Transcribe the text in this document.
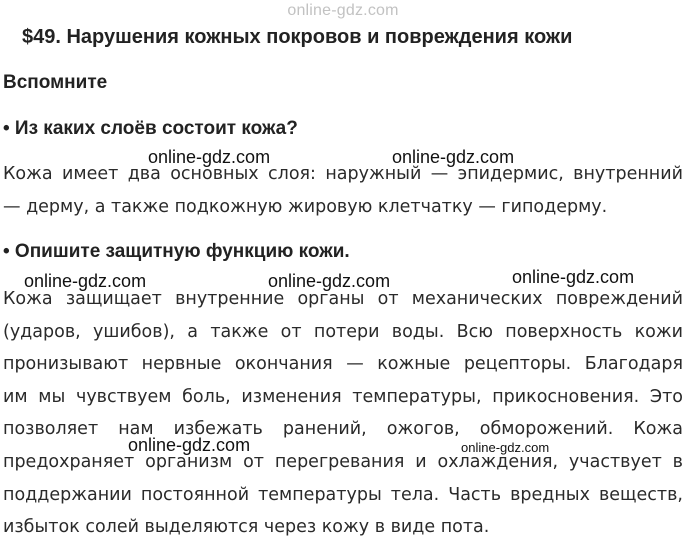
online-gdz.com
$49. Нарушения кожных покровов и повреждения кожи
Вспомните
• Из каких слоёв состоит кожа?
Кожа имеет два основных слоя: наружный — эпидермис, внутренний
— дерму, а также подкожную жировую клетчатку — гиподерму.
• Опишите защитную функцию кожи.
Кожа защищает внутренние органы от механических повреждений
(ударов, ушибов), а также от потери воды. Всю поверхность кожи
пронизывают нервные окончания — кожные рецепторы. Благодаря
им мы чувствуем боль, изменения температуры, прикосновения. Это
позволяет нам избежать ранений, ожогов, обморожений. Кожа
предохраняет организм от перегревания и охлаждения, участвует в
поддержании постоянной температуры тела. Часть вредных веществ,
избыток солей выделяются через кожу в виде пота.
online-gdz.com	online-gdz.com
online-gdz.com	online-gdz.com	online-gdz.com
online-gdz.com	online-gdz.com
